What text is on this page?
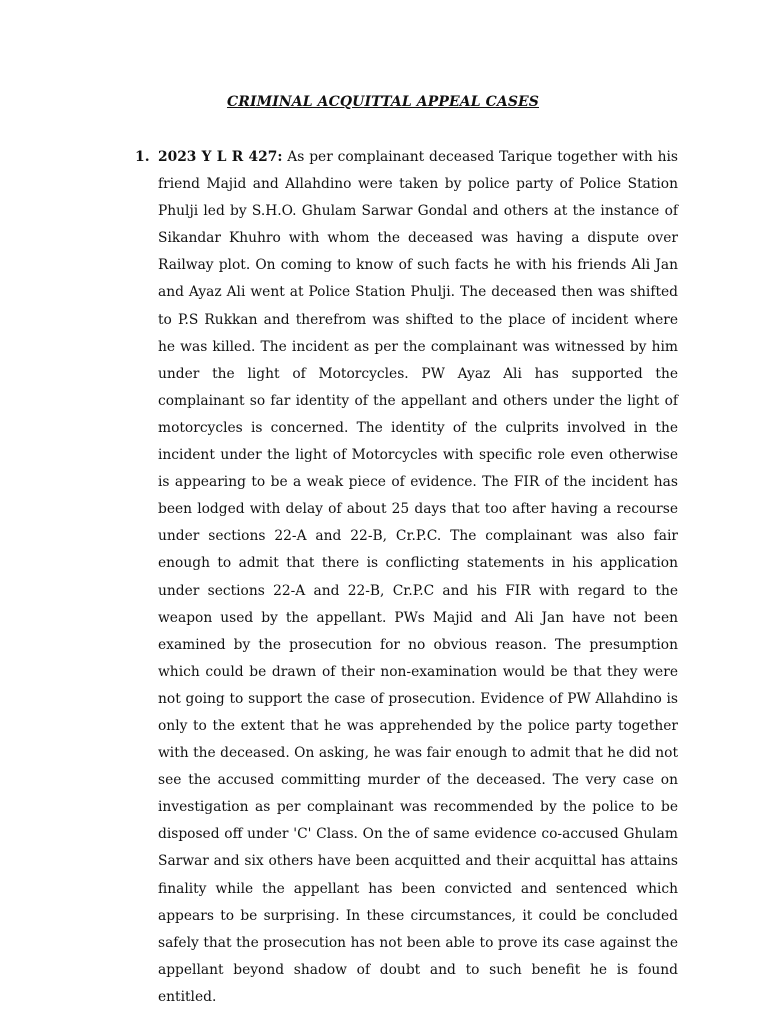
CRIMINAL ACQUITTAL APPEAL CASES
1. 2023 Y L R 427: As per complainant deceased Tarique together with his friend Majid and Allahdino were taken by police party of Police Station Phulji led by S.H.O. Ghulam Sarwar Gondal and others at the instance of Sikandar Khuhro with whom the deceased was having a dispute over Railway plot. On coming to know of such facts he with his friends Ali Jan and Ayaz Ali went at Police Station Phulji. The deceased then was shifted to P.S Rukkan and therefrom was shifted to the place of incident where he was killed. The incident as per the complainant was witnessed by him under the light of Motorcycles. PW Ayaz Ali has supported the complainant so far identity of the appellant and others under the light of motorcycles is concerned. The identity of the culprits involved in the incident under the light of Motorcycles with specific role even otherwise is appearing to be a weak piece of evidence. The FIR of the incident has been lodged with delay of about 25 days that too after having a recourse under sections 22-A and 22-B, Cr.P.C. The complainant was also fair enough to admit that there is conflicting statements in his application under sections 22-A and 22-B, Cr.P.C and his FIR with regard to the weapon used by the appellant. PWs Majid and Ali Jan have not been examined by the prosecution for no obvious reason. The presumption which could be drawn of their non-examination would be that they were not going to support the case of prosecution. Evidence of PW Allahdino is only to the extent that he was apprehended by the police party together with the deceased. On asking, he was fair enough to admit that he did not see the accused committing murder of the deceased. The very case on investigation as per complainant was recommended by the police to be disposed off under 'C' Class. On the of same evidence co-accused Ghulam Sarwar and six others have been acquitted and their acquittal has attains finality while the appellant has been convicted and sentenced which appears to be surprising. In these circumstances, it could be concluded safely that the prosecution has not been able to prove its case against the appellant beyond shadow of doubt and to such benefit he is found entitled.
